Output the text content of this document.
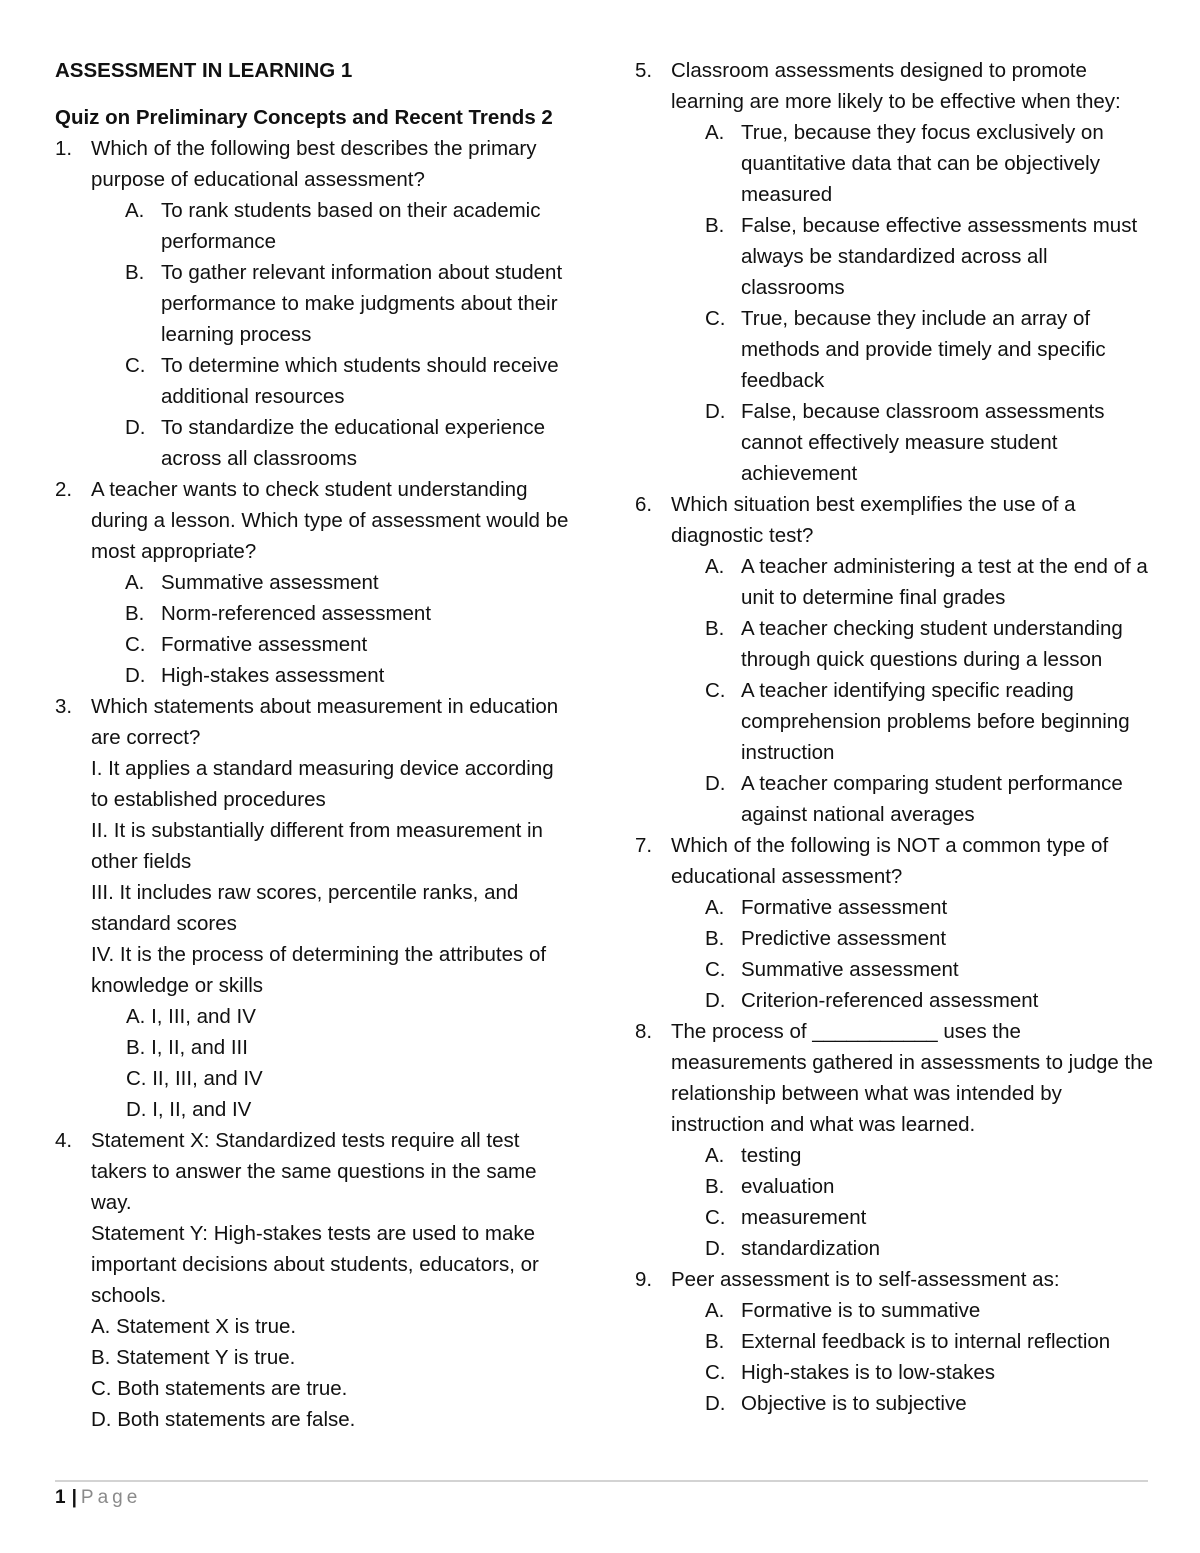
ASSESSMENT IN LEARNING 1
Quiz on Preliminary Concepts and Recent Trends 2
1. Which of the following best describes the primary purpose of educational assessment?
A. To rank students based on their academic performance
B. To gather relevant information about student performance to make judgments about their learning process
C. To determine which students should receive additional resources
D. To standardize the educational experience across all classrooms
2. A teacher wants to check student understanding during a lesson. Which type of assessment would be most appropriate?
A. Summative assessment
B. Norm-referenced assessment
C. Formative assessment
D. High-stakes assessment
3. Which statements about measurement in education are correct?
I. It applies a standard measuring device according to established procedures
II. It is substantially different from measurement in other fields
III. It includes raw scores, percentile ranks, and standard scores
IV. It is the process of determining the attributes of knowledge or skills
A. I, III, and IV
B. I, II, and III
C. II, III, and IV
D. I, II, and IV
4. Statement X: Standardized tests require all test takers to answer the same questions in the same way.
Statement Y: High-stakes tests are used to make important decisions about students, educators, or schools.
A. Statement X is true.
B. Statement Y is true.
C. Both statements are true.
D. Both statements are false.
5. Classroom assessments designed to promote learning are more likely to be effective when they:
A. True, because they focus exclusively on quantitative data that can be objectively measured
B. False, because effective assessments must always be standardized across all classrooms
C. True, because they include an array of methods and provide timely and specific feedback
D. False, because classroom assessments cannot effectively measure student achievement
6. Which situation best exemplifies the use of a diagnostic test?
A. A teacher administering a test at the end of a unit to determine final grades
B. A teacher checking student understanding through quick questions during a lesson
C. A teacher identifying specific reading comprehension problems before beginning instruction
D. A teacher comparing student performance against national averages
7. Which of the following is NOT a common type of educational assessment?
A. Formative assessment
B. Predictive assessment
C. Summative assessment
D. Criterion-referenced assessment
8. The process of ___________ uses the measurements gathered in assessments to judge the relationship between what was intended by instruction and what was learned.
A. testing
B. evaluation
C. measurement
D. standardization
9. Peer assessment is to self-assessment as:
A. Formative is to summative
B. External feedback is to internal reflection
C. High-stakes is to low-stakes
D. Objective is to subjective
1 | Page
